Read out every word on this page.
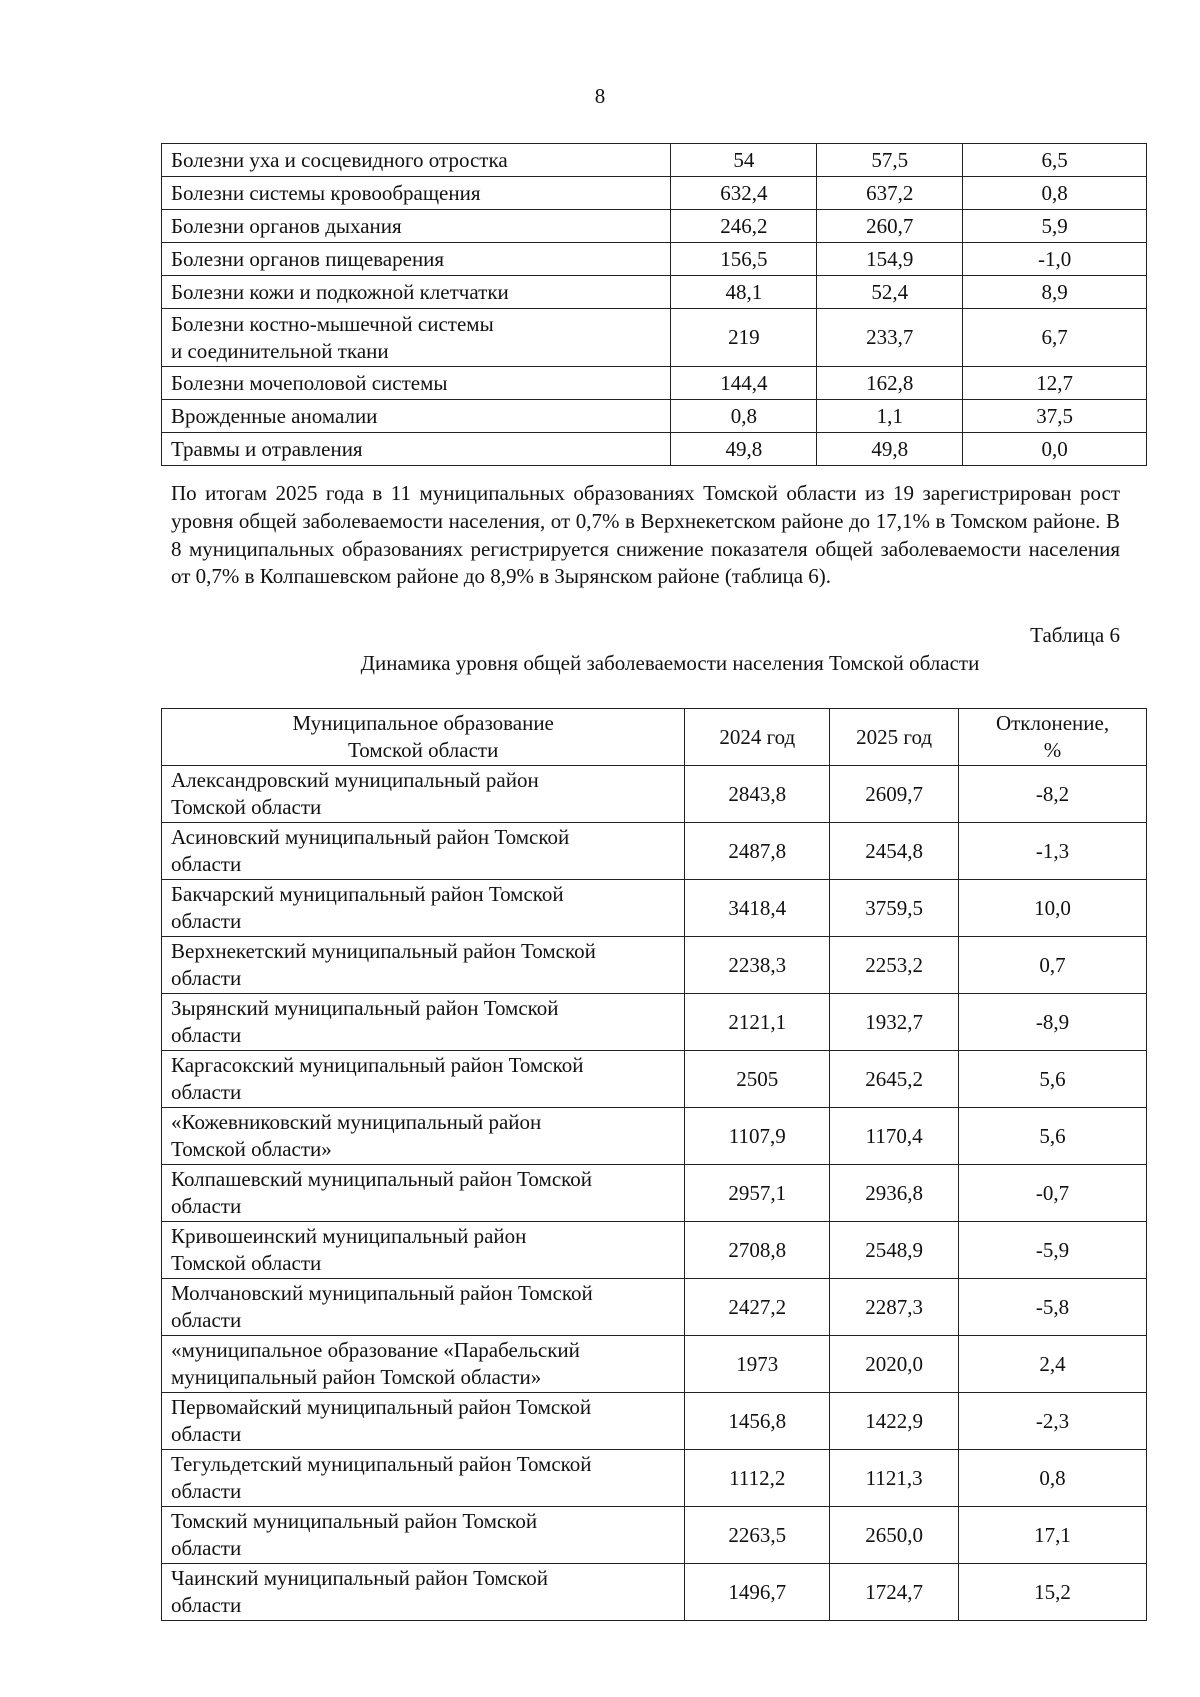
8
Болезни уха и сосцевидного отростка	54	57,5	6,5
Болезни системы кровообращения	632,4	637,2	0,8
Болезни органов дыхания	246,2	260,7	5,9
Болезни органов пищеварения	156,5	154,9	-1,0
Болезни кожи и подкожной клетчатки	48,1	52,4	8,9
Болезни костно-мышечной системы
и соединительной ткани	219	233,7	6,7
Болезни мочеполовой системы	144,4	162,8	12,7
Врожденные аномалии	0,8	1,1	37,5
Травмы и отравления	49,8	49,8	0,0

По итогам 2025 года в 11 муниципальных образованиях Томской области из 19 зарегистрирован рост уровня общей заболеваемости населения, от 0,7% в Верхнекетском районе до 17,1% в Томском районе. В 8 муниципальных образованиях регистрируется снижение показателя общей заболеваемости населения от 0,7% в Колпашевском районе до 8,9% в Зырянском районе (таблица 6).

Таблица 6
Динамика уровня общей заболеваемости населения Томской области
Муниципальное образование
Томской области	2024 год	2025 год	Отклонение,
%
Александровский муниципальный район
Томской области	2843,8	2609,7	-8,2
Асиновский муниципальный район Томской
области	2487,8	2454,8	-1,3
Бакчарский муниципальный район Томской
области	3418,4	3759,5	10,0
Верхнекетский муниципальный район Томской
области	2238,3	2253,2	0,7
Зырянский муниципальный район Томской
области	2121,1	1932,7	-8,9
Каргасокский муниципальный район Томской
области	2505	2645,2	5,6
«Кожевниковский муниципальный район
Томской области»	1107,9	1170,4	5,6
Колпашевский муниципальный район Томской
области	2957,1	2936,8	-0,7
Кривошеинский муниципальный район
Томской области	2708,8	2548,9	-5,9
Молчановский муниципальный район Томской
области	2427,2	2287,3	-5,8
«муниципальное образование «Парабельский
муниципальный район Томской области»	1973	2020,0	2,4
Первомайский муниципальный район Томской
области	1456,8	1422,9	-2,3
Тегульдетский муниципальный район Томской
области	1112,2	1121,3	0,8
Томский муниципальный район Томской
области	2263,5	2650,0	17,1
Чаинский муниципальный район Томской
области	1496,7	1724,7	15,2
